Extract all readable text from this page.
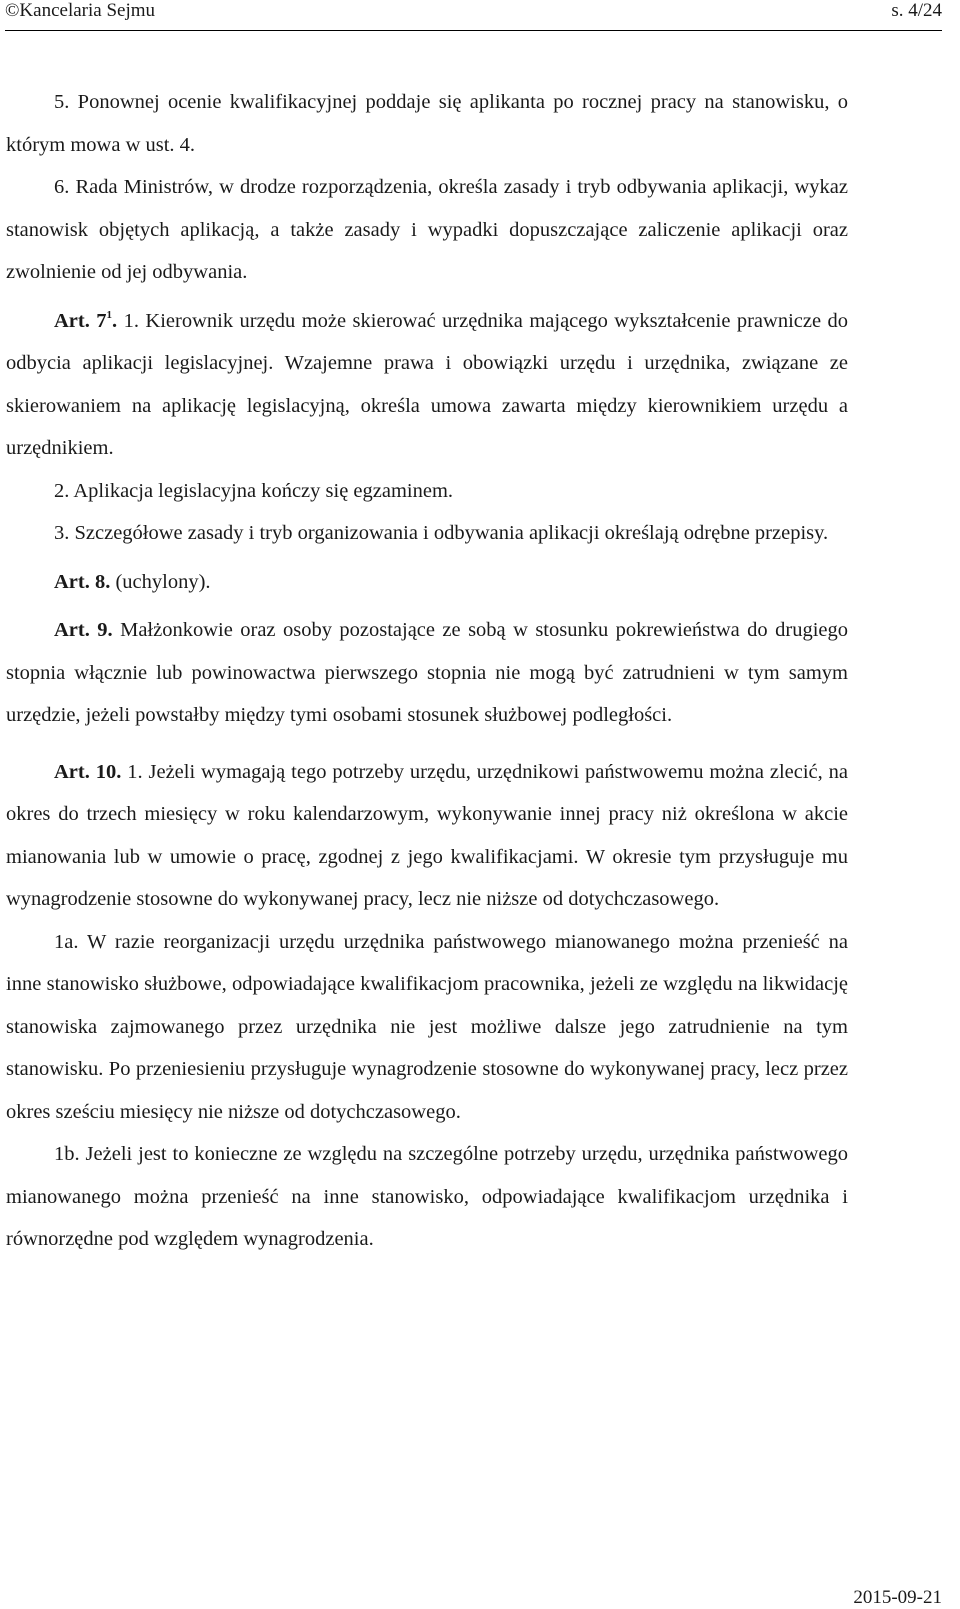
©Kancelaria Sejmu	s. 4/24

5. Ponownej ocenie kwalifikacyjnej poddaje się aplikanta po rocznej pracy na stanowisku, o którym mowa w ust. 4.

6. Rada Ministrów, w drodze rozporządzenia, określa zasady i tryb odbywania aplikacji, wykaz stanowisk objętych aplikacją, a także zasady i wypadki dopuszczające zaliczenie aplikacji oraz zwolnienie od jej odbywania.

Art. $7^1$. 1. Kierownik urzędu może skierować urzędnika mającego wykształcenie prawnicze do odbycia aplikacji legislacyjnej. Wzajemne prawa i obowiązki urzędu i urzędnika, związane ze skierowaniem na aplikację legislacyjną, określa umowa zawarta między kierownikiem urzędu a urzędnikiem.

2. Aplikacja legislacyjna kończy się egzaminem.

3. Szczegółowe zasady i tryb organizowania i odbywania aplikacji określają odrębne przepisy.

Art. 8. (uchylony).

Art. 9. Małżonkowie oraz osoby pozostające ze sobą w stosunku pokrewieństwa do drugiego stopnia włącznie lub powinowactwa pierwszego stopnia nie mogą być zatrudnieni w tym samym urzędzie, jeżeli powstałby między tymi osobami stosunek służbowej podległości.

Art. 10. 1. Jeżeli wymagają tego potrzeby urzędu, urzędnikowi państwowemu można zlecić, na okres do trzech miesięcy w roku kalendarzowym, wykonywanie innej pracy niż określona w akcie mianowania lub w umowie o pracę, zgodnej z jego kwalifikacjami. W okresie tym przysługuje mu wynagrodzenie stosowne do wykonywanej pracy, lecz nie niższe od dotychczasowego.

1a. W razie reorganizacji urzędu urzędnika państwowego mianowanego można przenieść na inne stanowisko służbowe, odpowiadające kwalifikacjom pracownika, jeżeli ze względu na likwidację stanowiska zajmowanego przez urzędnika nie jest możliwe dalsze jego zatrudnienie na tym stanowisku. Po przeniesieniu przysługuje wynagrodzenie stosowne do wykonywanej pracy, lecz przez okres sześciu miesięcy nie niższe od dotychczasowego.

1b. Jeżeli jest to konieczne ze względu na szczególne potrzeby urzędu, urzędnika państwowego mianowanego można przenieść na inne stanowisko, odpowiadające kwalifikacjom urzędnika i równorzędne pod względem wynagrodzenia.

2015-09-21
